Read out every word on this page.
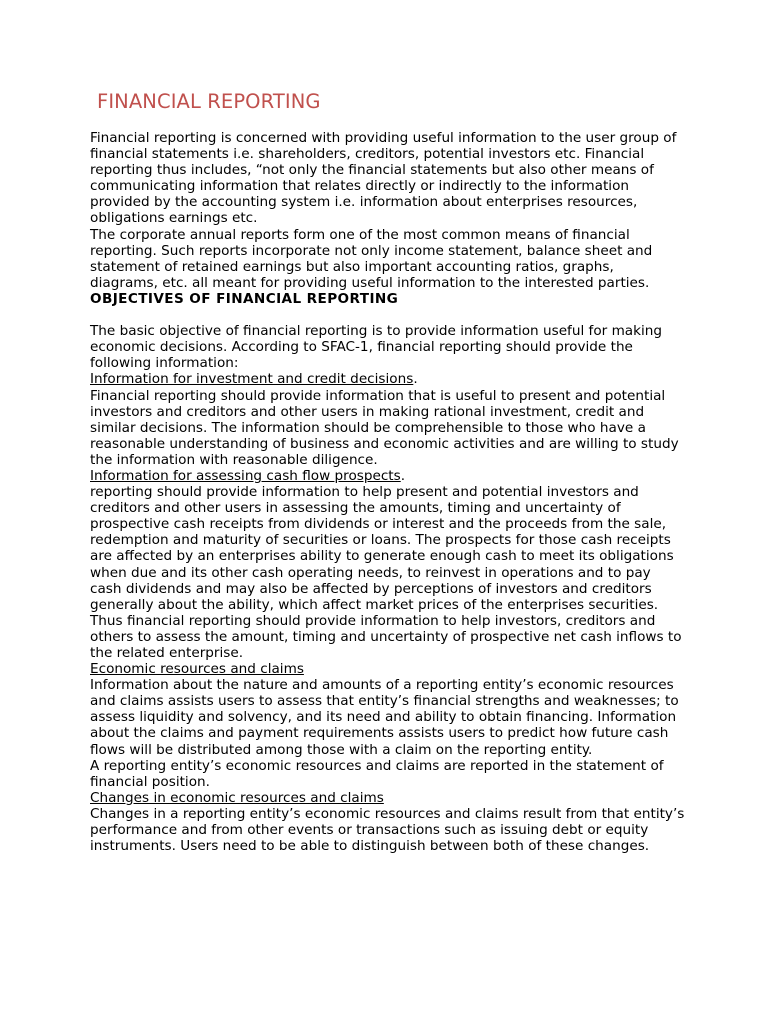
FINANCIAL REPORTING

Financial reporting is concerned with providing useful information to the user group of financial statements i.e. shareholders, creditors, potential investors etc. Financial reporting thus includes, “not only the financial statements but also other means of communicating information that relates directly or indirectly to the information provided by the accounting system i.e. information about enterprises resources, obligations earnings etc.

The corporate annual reports form one of the most common means of financial reporting. Such reports incorporate not only income statement, balance sheet and statement of retained earnings but also important accounting ratios, graphs, diagrams, etc. all meant for providing useful information to the interested parties.

OBJECTIVES OF FINANCIAL REPORTING

The basic objective of financial reporting is to provide information useful for making economic decisions. According to SFAC-1, financial reporting should provide the following information:

Information for investment and credit decisions.

Financial reporting should provide information that is useful to present and potential investors and creditors and other users in making rational investment, credit and similar decisions. The information should be comprehensible to those who have a reasonable understanding of business and economic activities and are willing to study the information with reasonable diligence.

Information for assessing cash flow prospects.

reporting should provide information to help present and potential investors and creditors and other users in assessing the amounts, timing and uncertainty of prospective cash receipts from dividends or interest and the proceeds from the sale, redemption and maturity of securities or loans. The prospects for those cash receipts are affected by an enterprises ability to generate enough cash to meet its obligations when due and its other cash operating needs, to reinvest in operations and to pay cash dividends and may also be affected by perceptions of investors and creditors generally about the ability, which affect market prices of the enterprises securities. Thus financial reporting should provide information to help investors, creditors and others to assess the amount, timing and uncertainty of prospective net cash inflows to the related enterprise.

Economic resources and claims

Information about the nature and amounts of a reporting entity’s economic resources and claims assists users to assess that entity’s financial strengths and weaknesses; to assess liquidity and solvency, and its need and ability to obtain financing. Information about the claims and payment requirements assists users to predict how future cash flows will be distributed among those with a claim on the reporting entity.

A reporting entity’s economic resources and claims are reported in the statement of financial position.

Changes in economic resources and claims

Changes in a reporting entity’s economic resources and claims result from that entity’s performance and from other events or transactions such as issuing debt or equity instruments. Users need to be able to distinguish between both of these changes.
